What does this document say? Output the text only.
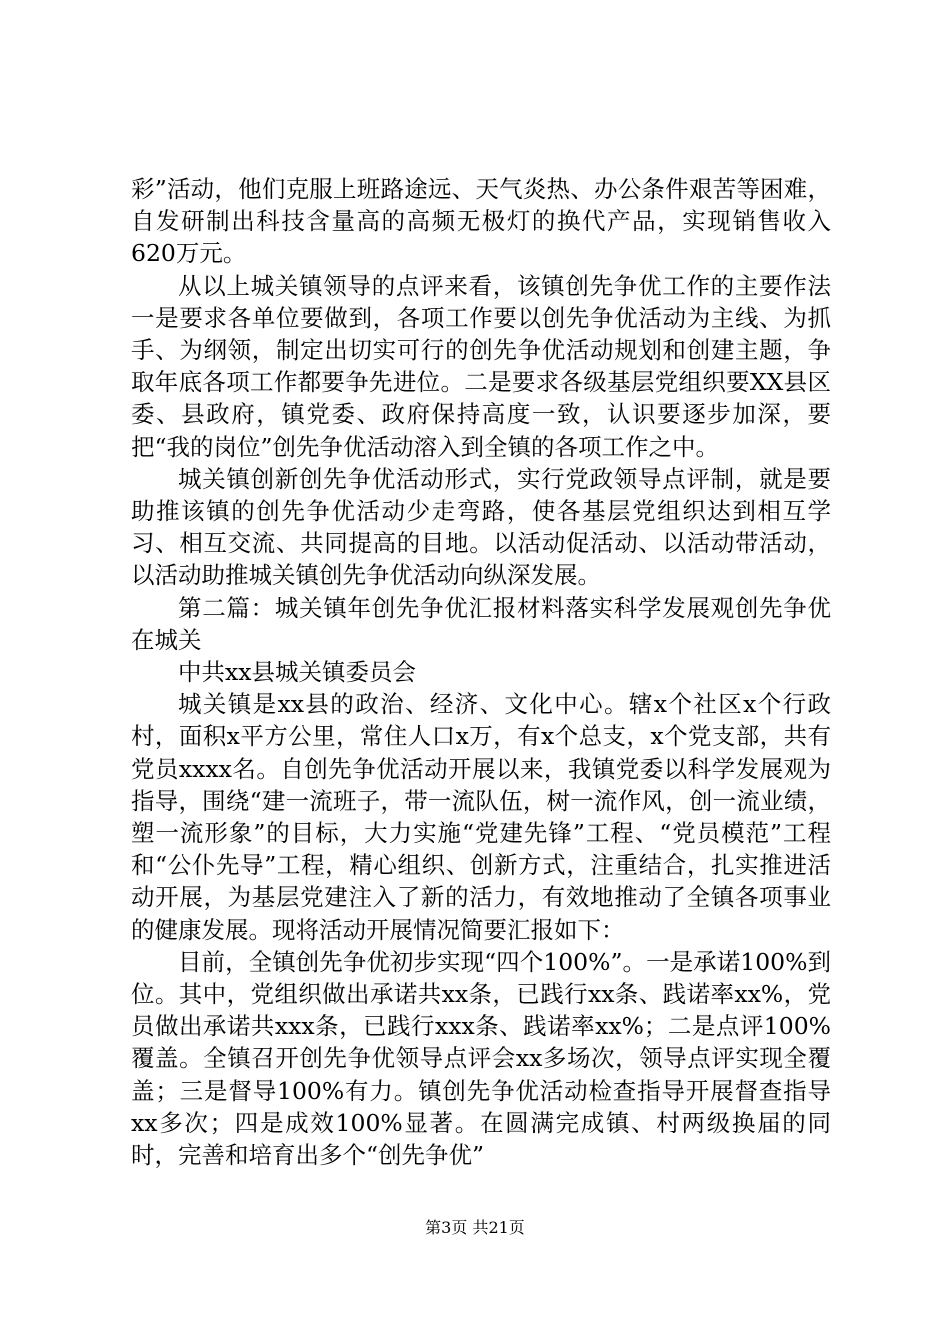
彩”活动，他们克服上班路途远、天气炎热、办公条件艰苦等困难，自发研制出科技含量高的高频无极灯的换代产品，实现销售收入620万元。

从以上城关镇领导的点评来看，该镇创先争优工作的主要作法一是要求各单位要做到，各项工作要以创先争优活动为主线、为抓手、为纲领，制定出切实可行的创先争优活动规划和创建主题，争取年底各项工作都要争先进位。二是要求各级基层党组织要XX县区委、县政府，镇党委、政府保持高度一致，认识要逐步加深，要把“我的岗位”创先争优活动溶入到全镇的各项工作之中。

城关镇创新创先争优活动形式，实行党政领导点评制，就是要助推该镇的创先争优活动少走弯路，使各基层党组织达到相互学习、相互交流、共同提高的目地。以活动促活动、以活动带活动，以活动助推城关镇创先争优活动向纵深发展。

第二篇：城关镇年创先争优汇报材料落实科学发展观创先争优在城关

中共xx县城关镇委员会

城关镇是xx县的政治、经济、文化中心。辖x个社区x个行政村，面积x平方公里，常住人口x万，有x个总支，x个党支部，共有党员xxxx名。自创先争优活动开展以来，我镇党委以科学发展观为指导，围绕“建一流班子，带一流队伍，树一流作风，创一流业绩，塑一流形象”的目标，大力实施“党建先锋”工程、“党员模范”工程和“公仆先导”工程，精心组织、创新方式，注重结合，扎实推进活动开展，为基层党建注入了新的活力，有效地推动了全镇各项事业的健康发展。现将活动开展情况简要汇报如下：

目前，全镇创先争优初步实现“四个100%”。一是承诺100%到位。其中，党组织做出承诺共xx条，已践行xx条、践诺率xx%，党员做出承诺共xxx条，已践行xxx条、践诺率xx%；二是点评100%覆盖。全镇召开创先争优领导点评会xx多场次，领导点评实现全覆盖；三是督导100%有力。镇创先争优活动检查指导开展督查指导xx多次；四是成效100%显著。在圆满完成镇、村两级换届的同时，完善和培育出多个“创先争优”

第3页 共21页
